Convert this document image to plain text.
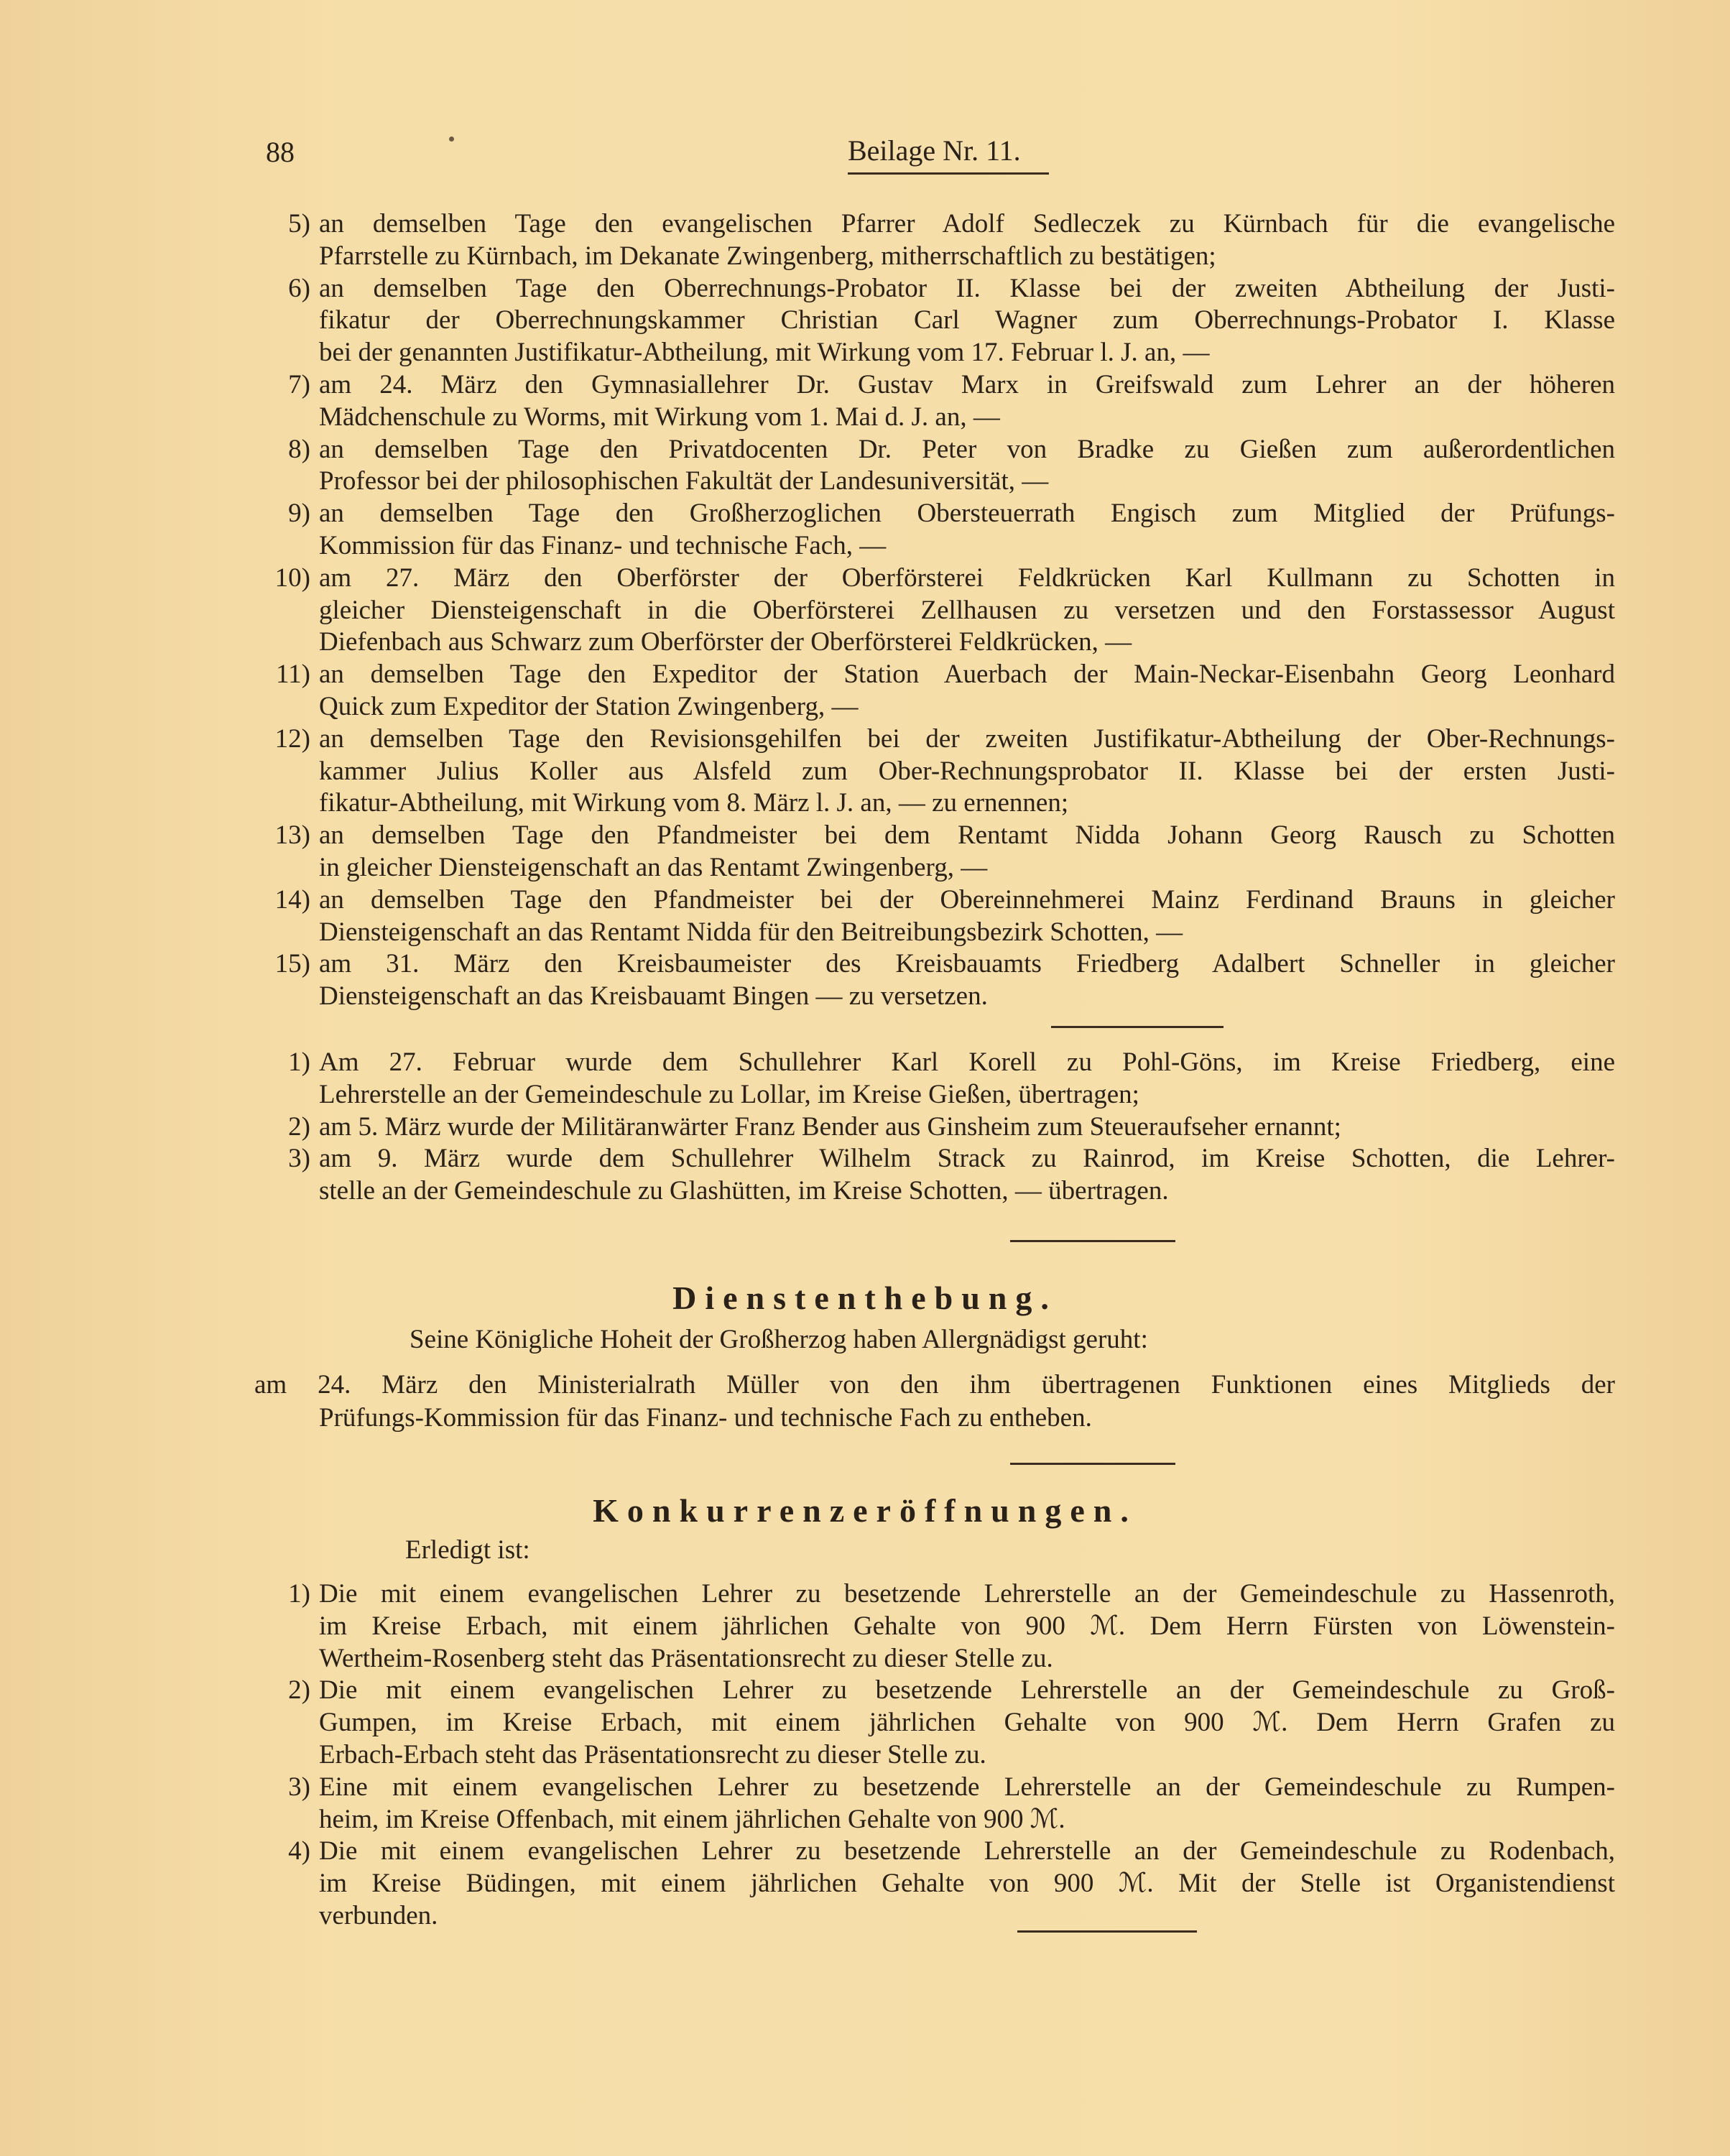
88	Beilage Nr. 11.
5) an demselben Tage den evangelischen Pfarrer Adolf Sedleczek zu Kürnbach für die evangelische
Pfarrstelle zu Kürnbach, im Dekanate Zwingenberg, mitherrschaftlich zu bestätigen;
6) an demselben Tage den Oberrechnungs-Probator II. Klasse bei der zweiten Abtheilung der Justi-
fikatur der Oberrechnungskammer Christian Carl Wagner zum Oberrechnungs-Probator I. Klasse
bei der genannten Justifikatur-Abtheilung, mit Wirkung vom 17. Februar l. J. an, —
7) am 24. März den Gymnasiallehrer Dr. Gustav Marx in Greifswald zum Lehrer an der höheren
Mädchenschule zu Worms, mit Wirkung vom 1. Mai d. J. an, —
8) an demselben Tage den Privatdocenten Dr. Peter von Bradke zu Gießen zum außerordentlichen
Professor bei der philosophischen Fakultät der Landesuniversität, —
9) an demselben Tage den Großherzoglichen Obersteuerrath Engisch zum Mitglied der Prüfungs-
Kommission für das Finanz- und technische Fach, —
10) am 27. März den Oberförster der Oberförsterei Feldkrücken Karl Kullmann zu Schotten in
gleicher Diensteigenschaft in die Oberförsterei Zellhausen zu versetzen und den Forstassessor August
Diefenbach aus Schwarz zum Oberförster der Oberförsterei Feldkrücken, —
11) an demselben Tage den Expeditor der Station Auerbach der Main-Neckar-Eisenbahn Georg Leonhard
Quick zum Expeditor der Station Zwingenberg, —
12) an demselben Tage den Revisionsgehilfen bei der zweiten Justifikatur-Abtheilung der Ober-Rechnungs-
kammer Julius Koller aus Alsfeld zum Ober-Rechnungsprobator II. Klasse bei der ersten Justi-
fikatur-Abtheilung, mit Wirkung vom 8. März l. J. an, — zu ernennen;
13) an demselben Tage den Pfandmeister bei dem Rentamt Nidda Johann Georg Rausch zu Schotten
in gleicher Diensteigenschaft an das Rentamt Zwingenberg, —
14) an demselben Tage den Pfandmeister bei der Obereinnehmerei Mainz Ferdinand Brauns in gleicher
Diensteigenschaft an das Rentamt Nidda für den Beitreibungsbezirk Schotten, —
15) am 31. März den Kreisbaumeister des Kreisbauamts Friedberg Adalbert Schneller in gleicher
Diensteigenschaft an das Kreisbauamt Bingen — zu versetzen.
1) Am 27. Februar wurde dem Schullehrer Karl Korell zu Pohl-Göns, im Kreise Friedberg, eine
Lehrerstelle an der Gemeindeschule zu Lollar, im Kreise Gießen, übertragen;
2) am 5. März wurde der Militäranwärter Franz Bender aus Ginsheim zum Steueraufseher ernannt;
3) am 9. März wurde dem Schullehrer Wilhelm Strack zu Rainrod, im Kreise Schotten, die Lehrer-
stelle an der Gemeindeschule zu Glashütten, im Kreise Schotten, — übertragen.
Dienstenthebung.
Seine Königliche Hoheit der Großherzog haben Allergnädigst geruht:
am 24. März den Ministerialrath Müller von den ihm übertragenen Funktionen eines Mitglieds der
Prüfungs-Kommission für das Finanz- und technische Fach zu entheben.
Konkurrenzeröffnungen.
Erledigt ist:
1) Die mit einem evangelischen Lehrer zu besetzende Lehrerstelle an der Gemeindeschule zu Hassenroth,
im Kreise Erbach, mit einem jährlichen Gehalte von 900 ℳ. Dem Herrn Fürsten von Löwenstein-
Wertheim-Rosenberg steht das Präsentationsrecht zu dieser Stelle zu.
2) Die mit einem evangelischen Lehrer zu besetzende Lehrerstelle an der Gemeindeschule zu Groß-
Gumpen, im Kreise Erbach, mit einem jährlichen Gehalte von 900 ℳ. Dem Herrn Grafen zu
Erbach-Erbach steht das Präsentationsrecht zu dieser Stelle zu.
3) Eine mit einem evangelischen Lehrer zu besetzende Lehrerstelle an der Gemeindeschule zu Rumpen-
heim, im Kreise Offenbach, mit einem jährlichen Gehalte von 900 ℳ.
4) Die mit einem evangelischen Lehrer zu besetzende Lehrerstelle an der Gemeindeschule zu Rodenbach,
im Kreise Büdingen, mit einem jährlichen Gehalte von 900 ℳ. Mit der Stelle ist Organistendienst
verbunden.
